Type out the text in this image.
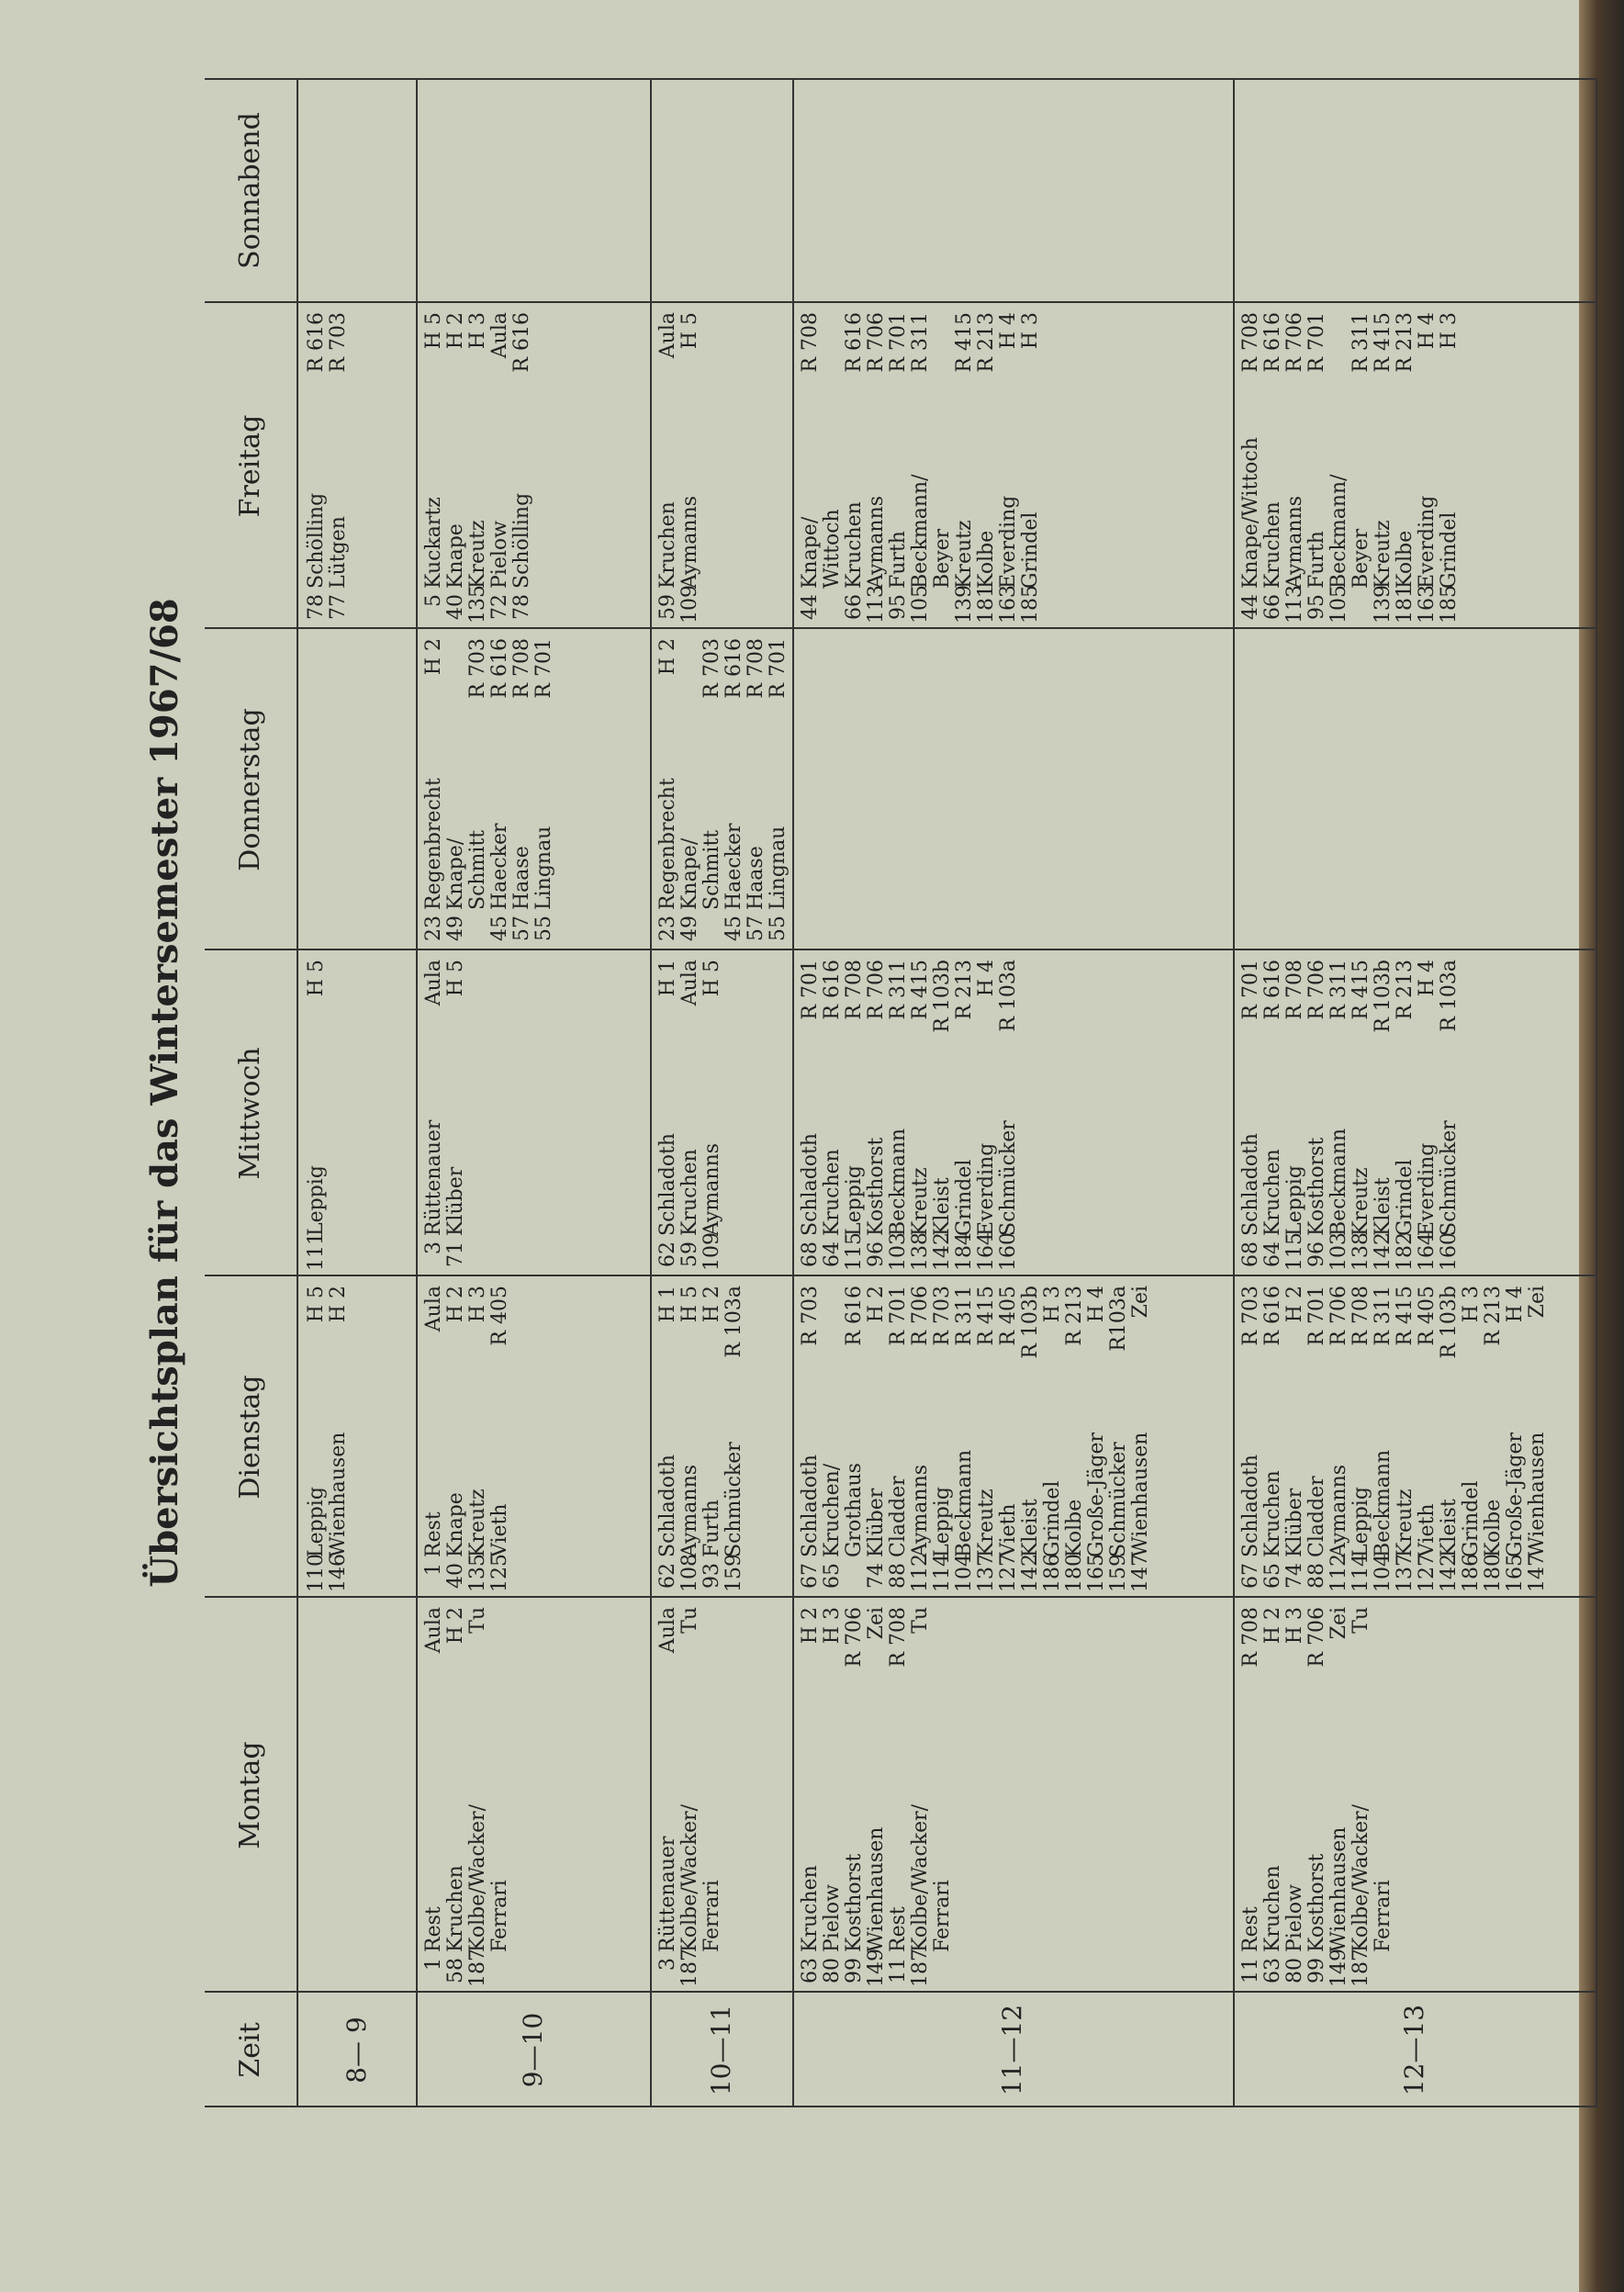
Übersichtsplan für das Wintersemester 1967/68
Zeit
Montag
Dienstag
Mittwoch
Donnerstag
Freitag
Sonnabend
8— 9
110
Leppig
H 5
146
Wienhausen
H 2
111
Leppig
H 5
78
Schölling
R 616
77
Lütgen
R 703
9—10
1
Rest
Aula
58
Kruchen
H 2
187
Kolbe/Wacker/
Tu
Ferrari
1
Rest
Aula
40
Knape
H 2
135
Kreutz
H 3
125
Vieth
R 405
3
Rüttenauer
Aula
71
Klüber
H 5
23
Regenbrecht
H 2
49
Knape/ Schmitt
R 703
45
Haecker
R 616
57
Haase
R 708
55
Lingnau
R 701
5
Kuckartz
H 5
40
Knape
H 2
135
Kreutz
H 3
72
Pielow
Aula
78
Schölling
R 616
10—11
3
Rüttenauer
Aula
187
Kolbe/Wacker/
Tu
Ferrari
62
Schladoth
H 1
108
Aymanns
H 5
93
Furth
H 2
159
Schmücker
R 103a
62
Schladoth
H 1
59
Kruchen
Aula
109
Aymanns
H 5
23
Regenbrecht
H 2
49
Knape/ Schmitt
R 703
45
Haecker
R 616
57
Haase
R 708
55
Lingnau
R 701
59
Kruchen
Aula
109
Aymanns
H 5
11—12
63
Kruchen
H 2
80
Pielow
H 3
99
Kosthorst
R 706
149
Wienhausen
Zei
11
Rest
R 708
187
Kolbe/Wacker/
Tu
Ferrari
67
Schladoth
R 703
65
Kruchen/ Grothaus
R 616
74
Klüber
H 2
88
Cladder
R 701
112
Aymanns
R 706
114
Leppig
R 703
104
Beckmann
R 311
137
Kreutz
R 415
127
Vieth
R 405
142
Kleist
R 103b
186
Grindel
H 3
180
Kolbe
R 213
165
Große-Jäger
H 4
159
Schmücker
R103a
147
Wienhausen
Zei
68
Schladoth
R 701
64
Kruchen
R 616
115
Leppig
R 708
96
Kosthorst
R 706
103
Beckmann
R 311
138
Kreutz
R 415
142
Kleist
R 103b
184
Grindel
R 213
164
Everding
H 4
160
Schmücker
R 103a
44
Knape/
R 708
Wittoch
66
Kruchen
R 616
113
Aymanns
R 706
95
Furth
R 701
105
Beckmann/
R 311
Beyer
139
Kreutz
R 415
181
Kolbe
R 213
163
Everding
H 4
185
Grindel
H 3
12—13
11
Rest
R 708
63
Kruchen
H 2
80
Pielow
H 3
99
Kosthorst
R 706
149
Wienhausen
Zei
187
Kolbe/Wacker/
Tu
Ferrari
67
Schladoth
R 703
65
Kruchen
R 616
74
Klüber
H 2
88
Cladder
R 701
112
Aymanns
R 706
114
Leppig
R 708
104
Beckmann
R 311
137
Kreutz
R 415
127
Vieth
R 405
142
Kleist
R 103b
186
Grindel
H 3
180
Kolbe
R 213
165
Große-Jäger
H 4
147
Wienhausen
Zei
68
Schladoth
R 701
64
Kruchen
R 616
115
Leppig
R 708
96
Kosthorst
R 706
103
Beckmann
R 311
138
Kreutz
R 415
142
Kleist
R 103b
182
Grindel
R 213
164
Everding
H 4
160
Schmücker
R 103a
44
Knape/Wittoch
R 708
66
Kruchen
R 616
113
Aymanns
R 706
95
Furth
R 701
105
Beckmann/ Beyer
R 311
139
Kreutz
R 415
181
Kolbe
R 213
163
Everding
H 4
185
Grindel
H 3
